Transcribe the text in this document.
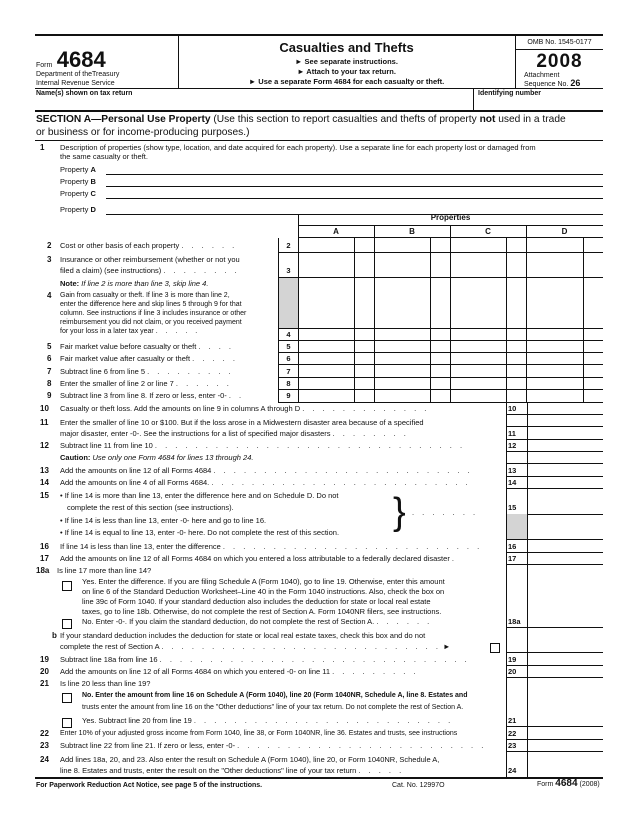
Form 4684
Department of theTreasury
Internal Revenue Service
Casualties and Thefts
► See separate instructions.
► Attach to your tax return.
► Use a separate Form 4684 for each casualty or theft.
OMB No. 1545-0177
2008
Attachment
Sequence No. 26
Name(s) shown on tax return	Identifying number
SECTION A—Personal Use Property (Use this section to report casualties and thefts of property not used in a trade
or business or for income-producing purposes.)
1	Description of properties (show type, location, and date acquired for each property). Use a separate line for each property lost or damaged from
the same casualty or theft.
Property A
Property B
Property C
Property D
Properties
A	B	C	D
2
3
4
5
6
7
8
9
2	Cost or other basis of each property . . . . . .
3	Insurance or other reimbursement (whether or not you
filed a claim) (see instructions) . . . . . . . .
Note: If line 2 is more than line 3, skip line 4.
4	Gain from casualty or theft. If line 3 is more than line 2,
enter the difference here and skip lines 5 through 9 for that
column. See instructions if line 3 includes insurance or other
reimbursement you did not claim, or you received payment
for your loss in a later tax year . . . . .
5	Fair market value before casualty or theft . . . .
6	Fair market value after casualty or theft . . . . .
7	Subtract line 6 from line 5 . . . . . . . . .
8	Enter the smaller of line 2 or line 7 . . . . . .
9	Subtract line 3 from line 8. If zero or less, enter -0- . .
10
11
12
13
14
15
16
17
18a
19
20
21
22
23
24
10	Casualty or theft loss. Add the amounts on line 9 in columns A through D . . . . . . . . . . . . .
11	Enter the smaller of line 10 or $100. But if the loss arose in a Midwestern disaster area because of a specified
major disaster, enter -0-. See the instructions for a list of specified major disasters . . . . . . . .
12	Subtract line 11 from line 10 . . . . . . . . . . . . . . . . . . . . . . . . . . . . . . .
Caution: Use only one Form 4684 for lines 13 through 24.
13	Add the amounts on line 12 of all Forms 4684 . . . . . . . . . . . . . . . . . . . . . . . . . .
14	Add the amounts on line 4 of all Forms 4684. . . . . . . . . . . . . . . . . . . . . . . . . . .
15	• If line 14 is more than line 13, enter the difference here and on Schedule D. Do not
complete the rest of this section (see instructions).
• If line 14 is less than line 13, enter -0- here and go to line 16.
• If line 14 is equal to line 13, enter -0- here. Do not complete the rest of this section. } . . . . . . .
16	If line 14 is less than line 13, enter the difference . . . . . . . . . . . . . . . . . . . . . . . . . .
17	Add the amounts on line 12 of all Forms 4684 on which you entered a loss attributable to a federally declared disaster .
18a	Is line 17 more than line 14?
Yes. Enter the difference. If you are filing Schedule A (Form 1040), go to line 19. Otherwise, enter this amount
on line 6 of the Standard Deduction Worksheet–Line 40 in the Form 1040 instructions. Also, check the box on
line 39c of Form 1040. If your standard deduction also includes the deduction for state or local real estate
taxes, go to line 18b. Otherwise, do not complete the rest of Section A. Form 1040NR filers, see instructions.
No. Enter -0-. If you claim the standard deduction, do not complete the rest of Section A. . . . . . .
b If your standard deduction includes the deduction for state or local real estate taxes, check this box and do not
complete the rest of Section A . . . . . . . . . . . . . . . . . . . . . . . . . . . . ►
19	Subtract line 18a from line 16 . . . . . . . . . . . . . . . . . . . . . . . . . . . . . . .
20	Add the amounts on line 12 of all Forms 4684 on which you entered -0- on line 11 . . . . . . . . .
21	Is line 20 less than line 19?
No. Enter the amount from line 16 on Schedule A (Form 1040), line 20 (Form 1040NR, Schedule A, line 8. Estates and
trusts enter the amount from line 16 on the "Other deductions" line of your tax return. Do not complete the rest of Section A.
Yes. Subtract line 20 from line 19 . . . . . . . . . . . . . . . . . . . . . . . . . .
22	Enter 10% of your adjusted gross income from Form 1040, line 38, or Form 1040NR, line 36. Estates and trusts, see instructions
23	Subtract line 22 from line 21. If zero or less, enter -0- . . . . . . . . . . . . . . . . . . . . . . . . .
24	Add lines 18a, 20, and 23. Also enter the result on Schedule A (Form 1040), line 20, or Form 1040NR, Schedule A,
line 8. Estates and trusts, enter the result on the "Other deductions" line of your tax return . . . . .
For Paperwork Reduction Act Notice, see page 5 of the instructions.	Cat. No. 12997O	Form 4684 (2008)
